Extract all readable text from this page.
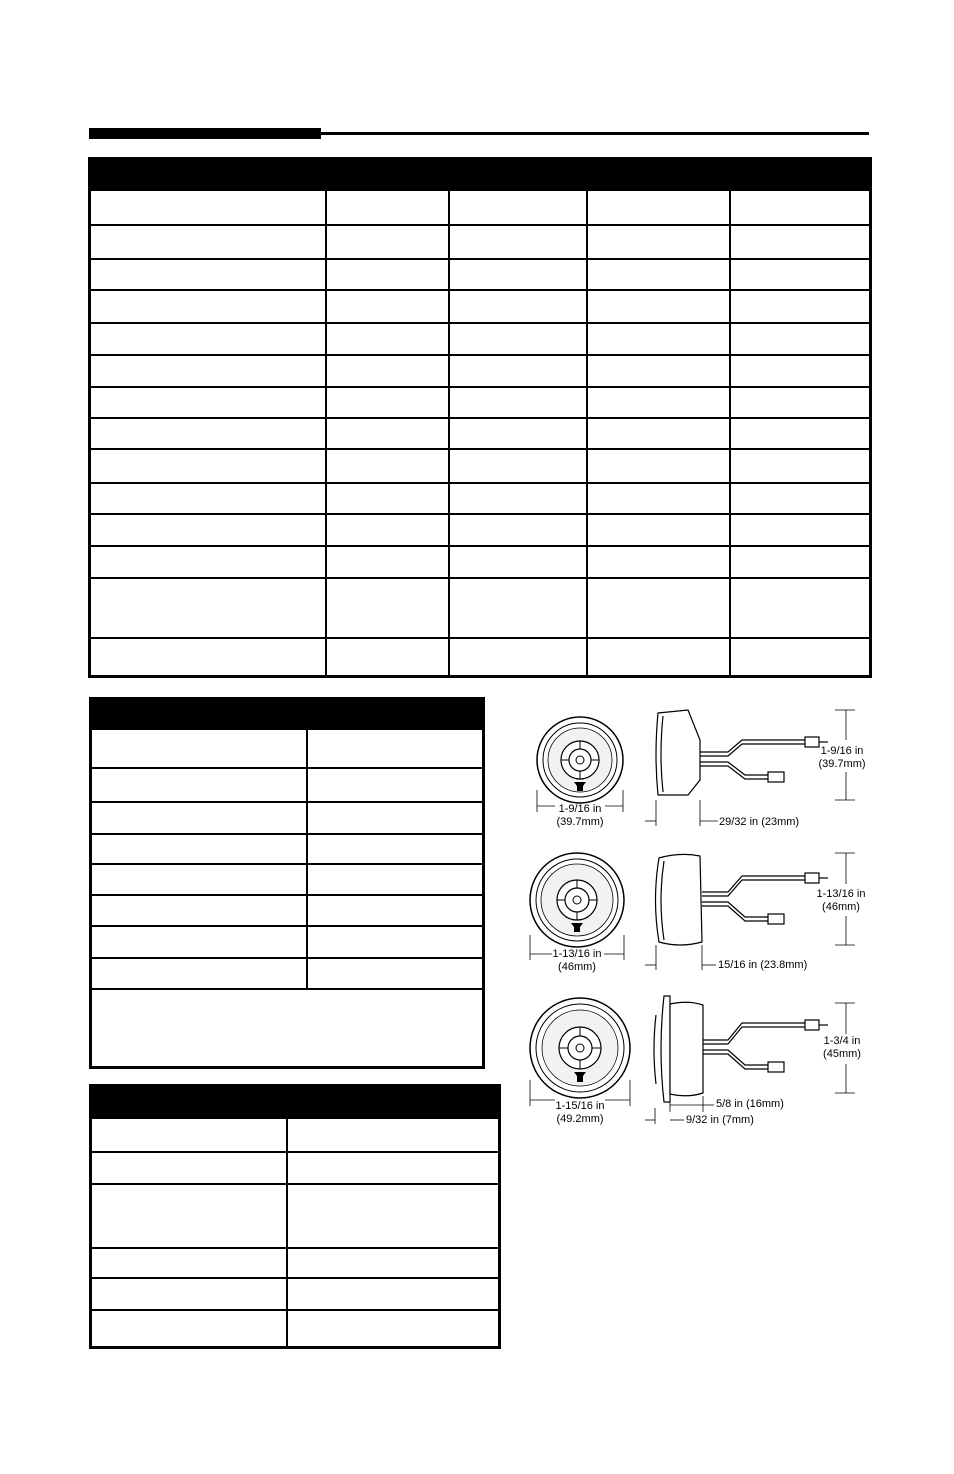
1-9/16 in
(39.7mm)
1-9/16 in
(39.7mm)
29/32 in (23mm)
1-13/16 in
(46mm)
1-13/16 in
(46mm)
15/16 in (23.8mm)
1-15/16 in
(49.2mm)
1-3/4 in
(45mm)
5/8 in (16mm)
9/32 in (7mm)
